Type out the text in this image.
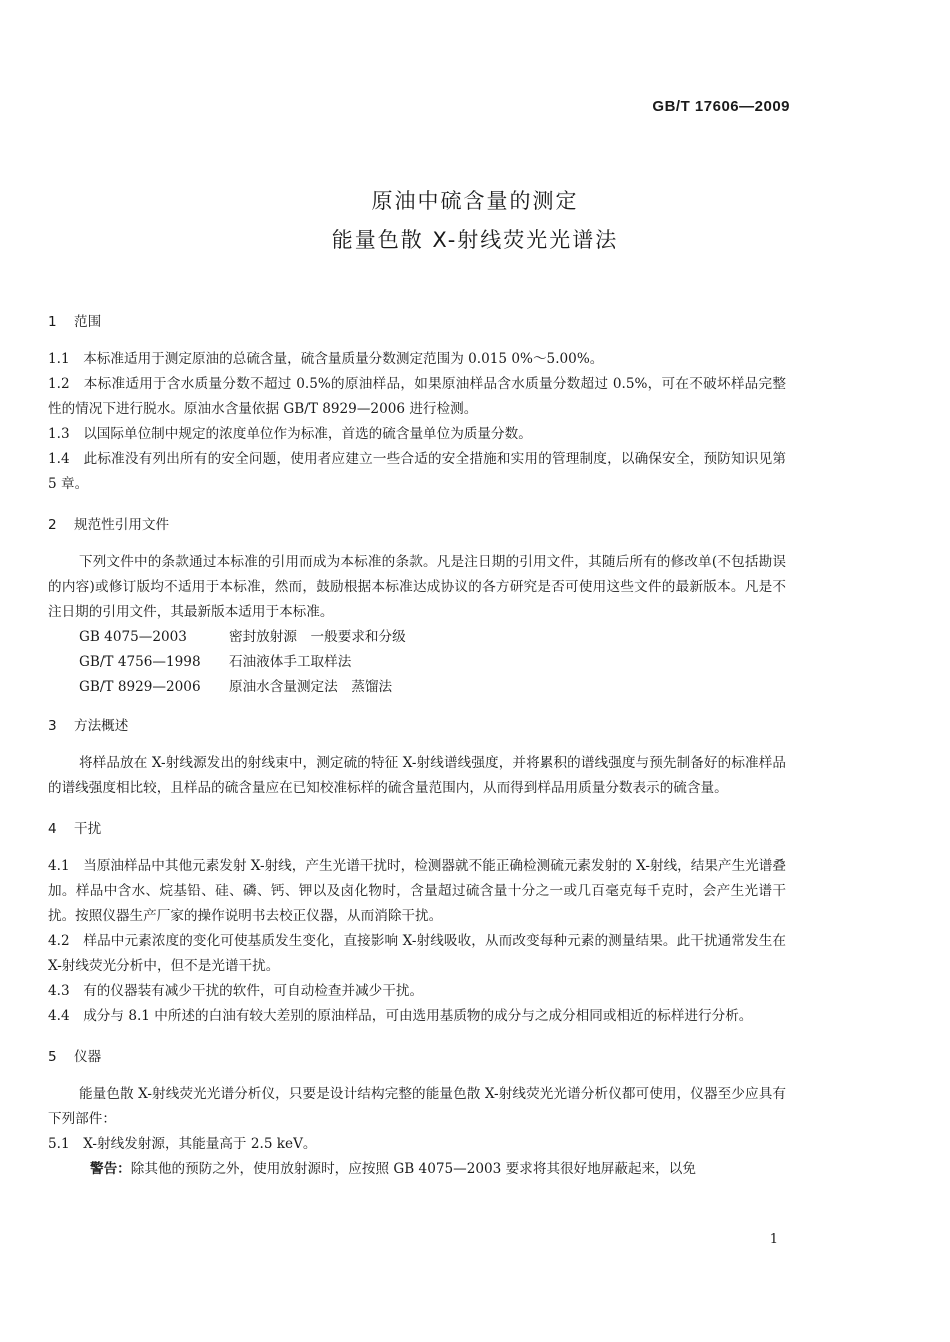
GB/T 17606—2009
原油中硫含量的测定
能量色散 X-射线荧光光谱法
1 范围
1.1　本标准适用于测定原油的总硫含量，硫含量质量分数测定范围为 0.015 0%～5.00%。
1.2　本标准适用于含水质量分数不超过 0.5%的原油样品，如果原油样品含水质量分数超过 0.5%，可在不破坏样品完整性的情况下进行脱水。原油水含量依据 GB/T 8929—2006 进行检测。
1.3　以国际单位制中规定的浓度单位作为标准，首选的硫含量单位为质量分数。
1.4　此标准没有列出所有的安全问题，使用者应建立一些合适的安全措施和实用的管理制度，以确保安全，预防知识见第 5 章。
2 规范性引用文件
下列文件中的条款通过本标准的引用而成为本标准的条款。凡是注日期的引用文件，其随后所有的修改单(不包括勘误的内容)或修订版均不适用于本标准，然而，鼓励根据本标准达成协议的各方研究是否可使用这些文件的最新版本。凡是不注日期的引用文件，其最新版本适用于本标准。
GB 4075—2003	密封放射源　一般要求和分级
GB/T 4756—1998 石油液体手工取样法
GB/T 8929—2006 原油水含量测定法　蒸馏法
3 方法概述
将样品放在 X-射线源发出的射线束中，测定硫的特征 X-射线谱线强度，并将累积的谱线强度与预先制备好的标准样品的谱线强度相比较，且样品的硫含量应在已知校准标样的硫含量范围内，从而得到样品用质量分数表示的硫含量。
4 干扰
4.1　当原油样品中其他元素发射 X-射线，产生光谱干扰时，检测器就不能正确检测硫元素发射的 X-射线，结果产生光谱叠加。样品中含水、烷基铅、硅、磷、钙、钾以及卤化物时，含量超过硫含量十分之一或几百毫克每千克时，会产生光谱干扰。按照仪器生产厂家的操作说明书去校正仪器，从而消除干扰。
4.2　样品中元素浓度的变化可使基质发生变化，直接影响 X-射线吸收，从而改变每种元素的测量结果。此干扰通常发生在 X-射线荧光分析中，但不是光谱干扰。
4.3　有的仪器装有减少干扰的软件，可自动检查并减少干扰。
4.4　成分与 8.1 中所述的白油有较大差别的原油样品，可由选用基质物的成分与之成分相同或相近的标样进行分析。
5 仪器
能量色散 X-射线荧光光谱分析仪，只要是设计结构完整的能量色散 X-射线荧光光谱分析仪都可使用，仪器至少应具有下列部件：
5.1　X-射线发射源，其能量高于 2.5 keV。
警告：除其他的预防之外，使用放射源时，应按照 GB 4075—2003 要求将其很好地屏蔽起来，以免
1
